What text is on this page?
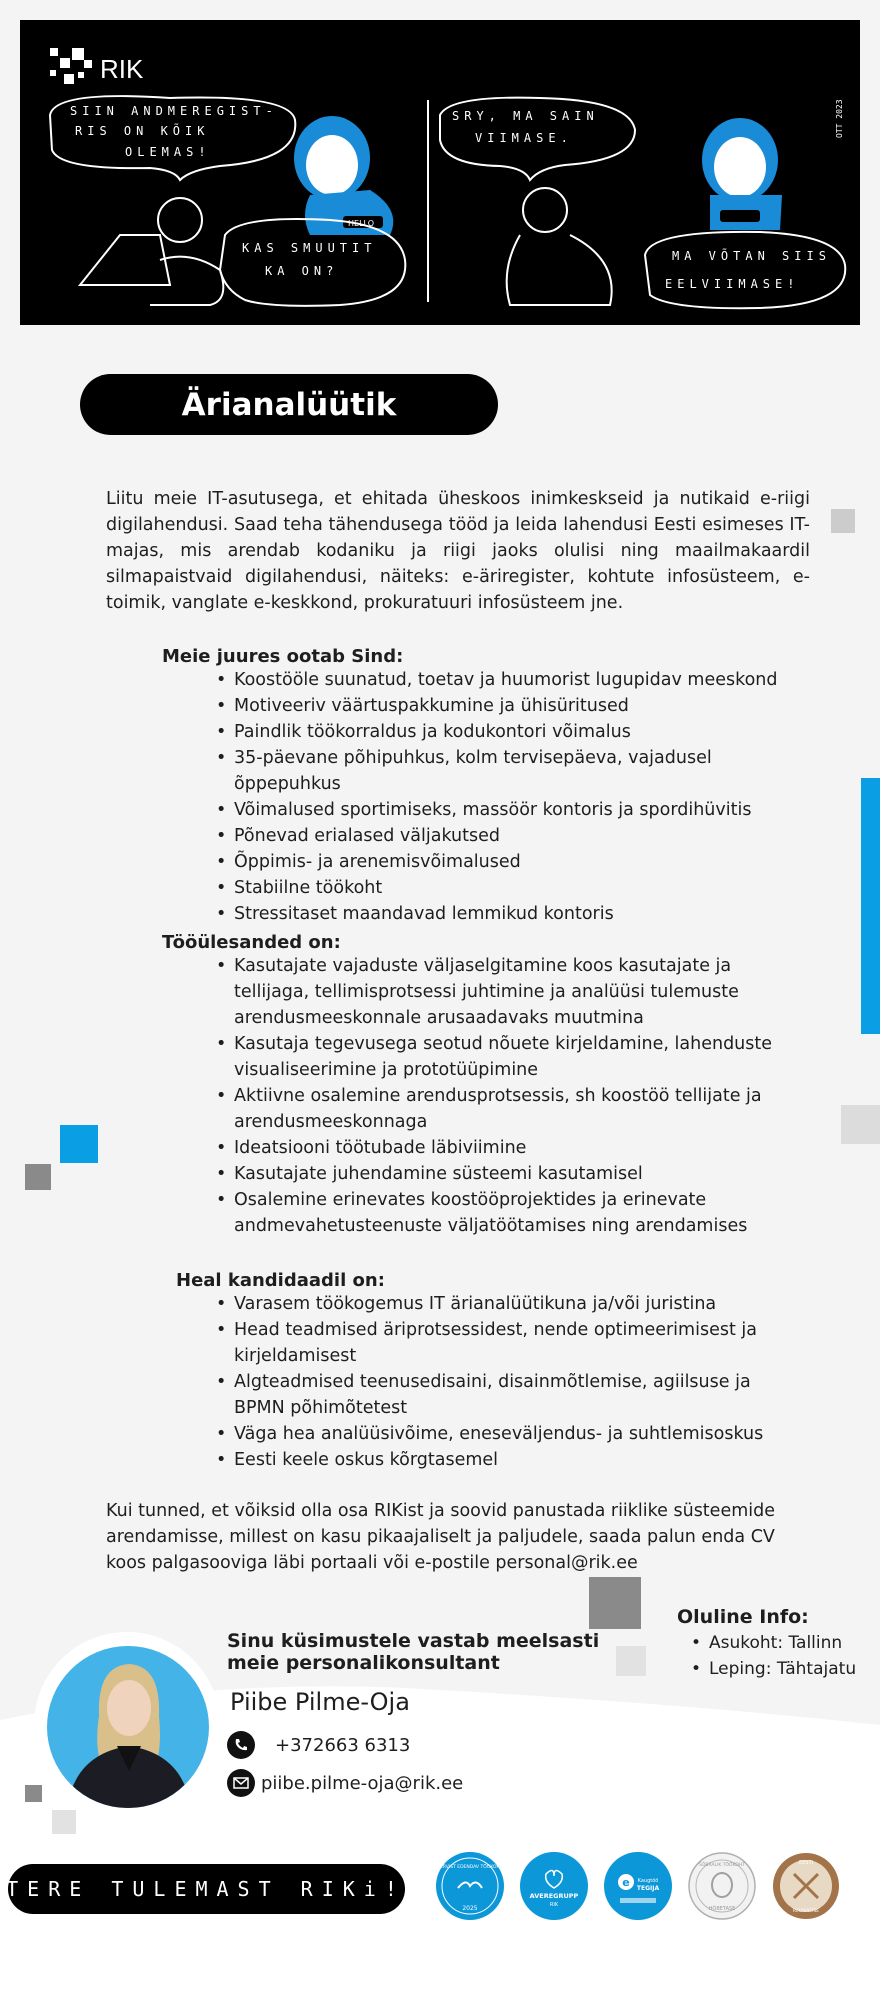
RIK
SIIN ANDMEREGIST-
RIS ON KÕIK
OLEMAS!
HELLO
KAS SMUUTIT
KA ON?
SRY, MA SAIN
VIIMASE.
MA VÕTAN SIIS
EELVIIMASE!
OTT 2023
Ärianalüütik

Liitu meie IT-asutusega, et ehitada üheskoos inimkeskseid ja nutikaid e-riigi digilahendusi. Saad teha tähendusega tööd ja leida lahendusi Eesti esimeses IT-majas, mis arendab kodaniku ja riigi jaoks olulisi ning maailmakaardil silmapaistvaid digilahendusi, näiteks: e-äriregister, kohtute infosüsteem, e-toimik, vanglate e-keskkond, prokuratuuri infosüsteem jne.

Meie juures ootab Sind:

• Koostööle suunatud, toetav ja huumorist lugupidav meeskond
• Motiveeriv väärtuspakkumine ja ühisüritused
• Paindlik töökorraldus ja kodukontori võimalus
• 35-päevane põhipuhkus, kolm tervisepäeva, vajadusel õppepuhkus
• Võimalused sportimiseks, massöör kontoris ja spordihüvitis
• Põnevad erialased väljakutsed
• Õppimis- ja arenemisvõimalused
• Stabiilne töökoht
• Stressitaset maandavad lemmikud kontoris

Tööülesanded on:

• Kasutajate vajaduste väljaselgitamine koos kasutajate ja tellijaga, tellimisprotsessi juhtimine ja analüüsi tulemuste arendusmeeskonnale arusaadavaks muutmina
• Kasutaja tegevusega seotud nõuete kirjeldamine, lahenduste visualiseerimine ja prototüüpimine
• Aktiivne osalemine arendusprotsessis, sh koostöö tellijate ja arendusmeeskonnaga
• Ideatsiooni töötubade läbiviimine
• Kasutajate juhendamine süsteemi kasutamisel
• Osalemine erinevates koostööprojektides ja erinevate andmevahetusteenuste väljatöötamises ning arendamises

Heal kandidaadil on:

• Varasem töökogemus IT ärianalüütikuna ja/või juristina
• Head teadmised äriprotsessidest, nende optimeerimisest ja kirjeldamisest
• Algteadmised teenusedisaini, disainmõtlemise, agiilsuse ja BPMN põhimõtetest
• Väga hea analüüsivõime, eneseväljendus- ja suhtlemisoskus
• Eesti keele oskus kõrgtasemel

Kui tunned, et võiksid olla osa RIKist ja soovid panustada riiklike süsteemide arendamisse, millest on kasu pikaajaliselt ja paljudele, saada palun enda CV koos palgasooviga läbi portaali või e-postile personal@rik.ee

Sinu küsimustele vastab meelsasti
meie personalikonsultant
Piibe Pilme-Oja
+372663 6313
piibe.pilme-oja@rik.ee
Oluline Info:
• Asukoht: Tallinn
• Leping: Tähtajatu
TERE TULEMAST RIKi!
TERVIST EDENDAV TÖÖKOHT
2025
AVEREGRUPP
RIK
e Kaugtöö
TEGIJA
SÕBRALIK TÖÖKOHT
HÕBETASE
EESTI
RIIGIKAITSE
